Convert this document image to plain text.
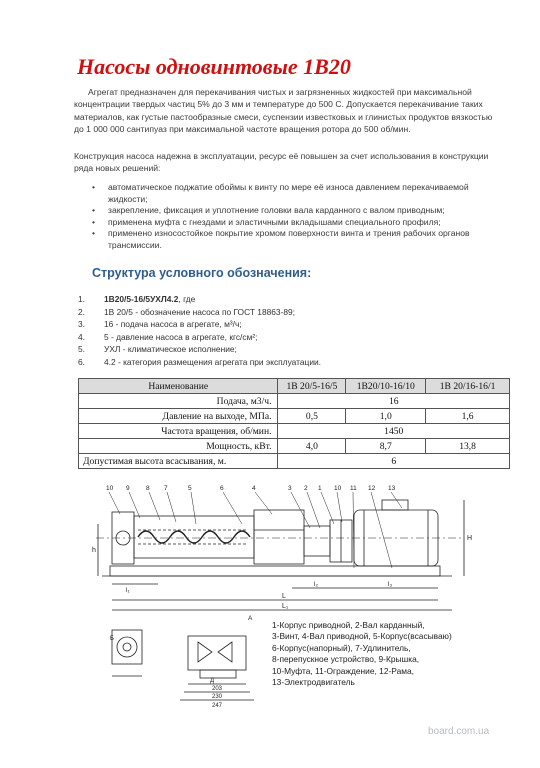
Насосы одновинтовые 1В20
Агрегат предназначен для перекачивания чистых и загрязненных жидкостей при максимальной концентрации твердых частиц 5% до 3 мм и температуре до 500 С. Допускается перекачивание таких материалов, как густые пастообразные смеси, суспензии известковых и глинистых продуктов вязкостью до 1 000 000 сантипуаз при максимальной частоте вращения ротора до 500 об/мин.
Конструкция насоса надежна в эксплуатации, ресурс её повышен за счет использования в конструкции ряда новых решений:
• автоматическое поджатие обоймы к винту по мере её износа давлением перекачиваемой жидкости;
• закрепление, фиксация и уплотнение головки вала карданного с валом приводным;
• применена муфта с гнездами и эластичными вкладышами специального профиля;
• применено износостойкое покрытие хромом поверхности винта и трения рабочих органов трансмиссии.
Структура условного обозначения:
1. 1В20/5-16/5УХЛ4.2, где
2. 1В 20/5 - обозначение насоса по ГОСТ 18863-89;
3. 16 - подача насоса в агрегате, м³/ч;
4. 5 - давление насоса в агрегате, кгс/см²;
5. УХЛ - климатическое исполнение;
6. 4.2 - категория размещения агрегата при эксплуатации.
Наименование	1В 20/5-16/5	1В20/10-16/10	1В 20/16-16/1
Подача, м3/ч.	16		
Давление на выходе, МПа.	0,5	1,0	1,6
Частота вращения, об/мин.	1450		
Мощность, кВт.	4,0	8,7	13,8
Допустимая высота всасывания, м.	6		
h
H
l₁
L
L₁
l₂	l₃
A
10 9	8 7	5	6	4	3 2 1 10 11 12 13
Б
Д
203
230
247
1-Корпус приводной, 2-Вал карданный,
3-Винт, 4-Вал приводной, 5-Корпус(всасываю)
6-Корпус(напорный), 7-Удлинитель,
8-перепускное устройство, 9-Крышка,
10-Муфта, 11-Ограждение, 12-Рама,
13-Электродвигатель
board.com.ua
